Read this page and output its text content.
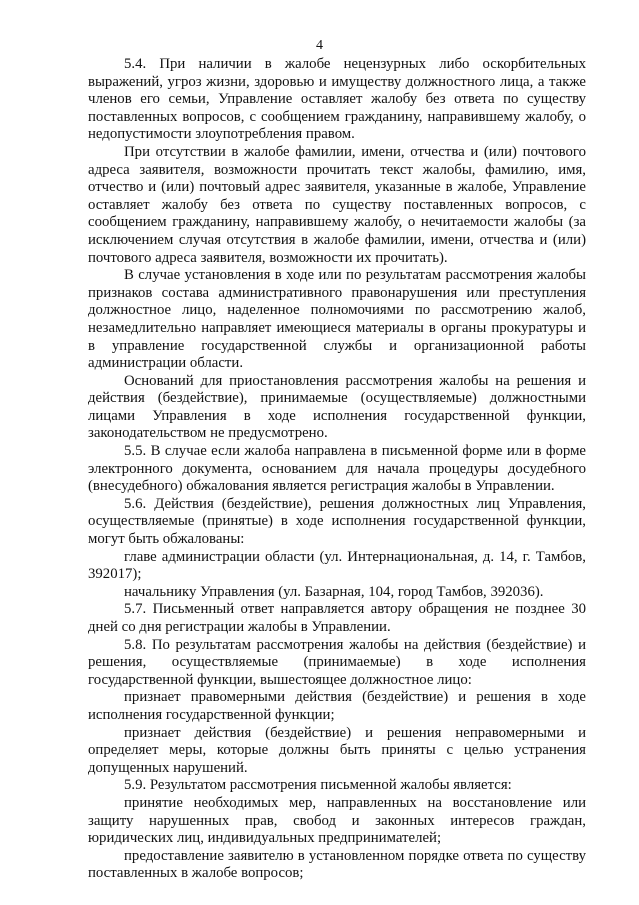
4

5.4. При наличии в жалобе нецензурных либо оскорбительных выражений, угроз жизни, здоровью и имуществу должностного лица, а также членов его семьи, Управление оставляет жалобу без ответа по существу поставленных вопросов, с сообщением гражданину, направившему жалобу, о недопустимости злоупотребления правом.

При отсутствии в жалобе фамилии, имени, отчества и (или) почтового адреса заявителя, возможности прочитать текст жалобы, фамилию, имя, отчество и (или) почтовый адрес заявителя, указанные в жалобе, Управление оставляет жалобу без ответа по существу поставленных вопросов, с сообщением гражданину, направившему жалобу, о нечитаемости жалобы (за исключением случая отсутствия в жалобе фамилии, имени, отчества и (или) почтового адреса заявителя, возможности их прочитать).

В случае установления в ходе или по результатам рассмотрения жалобы признаков состава административного правонарушения или преступления должностное лицо, наделенное полномочиями по рассмотрению жалоб, незамедлительно направляет имеющиеся материалы в органы прокуратуры и в управление государственной службы и организационной работы администрации области.

Оснований для приостановления рассмотрения жалобы на решения и действия (бездействие), принимаемые (осуществляемые) должностными лицами Управления в ходе исполнения государственной функции, законодательством не предусмотрено.

5.5. В случае если жалоба направлена в письменной форме или в форме электронного документа, основанием для начала процедуры досудебного (внесудебного) обжалования является регистрация жалобы в Управлении.

5.6. Действия (бездействие), решения должностных лиц Управления, осуществляемые (принятые) в ходе исполнения государственной функции, могут быть обжалованы:

главе администрации области (ул. Интернациональная, д. 14, г. Тамбов, 392017);

начальнику Управления (ул. Базарная, 104, город Тамбов, 392036).

5.7. Письменный ответ направляется автору обращения не позднее 30 дней со дня регистрации жалобы в Управлении.

5.8. По результатам рассмотрения жалобы на действия (бездействие) и решения, осуществляемые (принимаемые) в ходе исполнения государственной функции, вышестоящее должностное лицо:

признает правомерными действия (бездействие) и решения в ходе исполнения государственной функции;

признает действия (бездействие) и решения неправомерными и определяет меры, которые должны быть приняты с целью устранения допущенных нарушений.

5.9. Результатом рассмотрения письменной жалобы является:

принятие необходимых мер, направленных на восстановление или защиту нарушенных прав, свобод и законных интересов граждан, юридических лиц, индивидуальных предпринимателей;

предоставление заявителю в установленном порядке ответа по существу поставленных в жалобе вопросов;
